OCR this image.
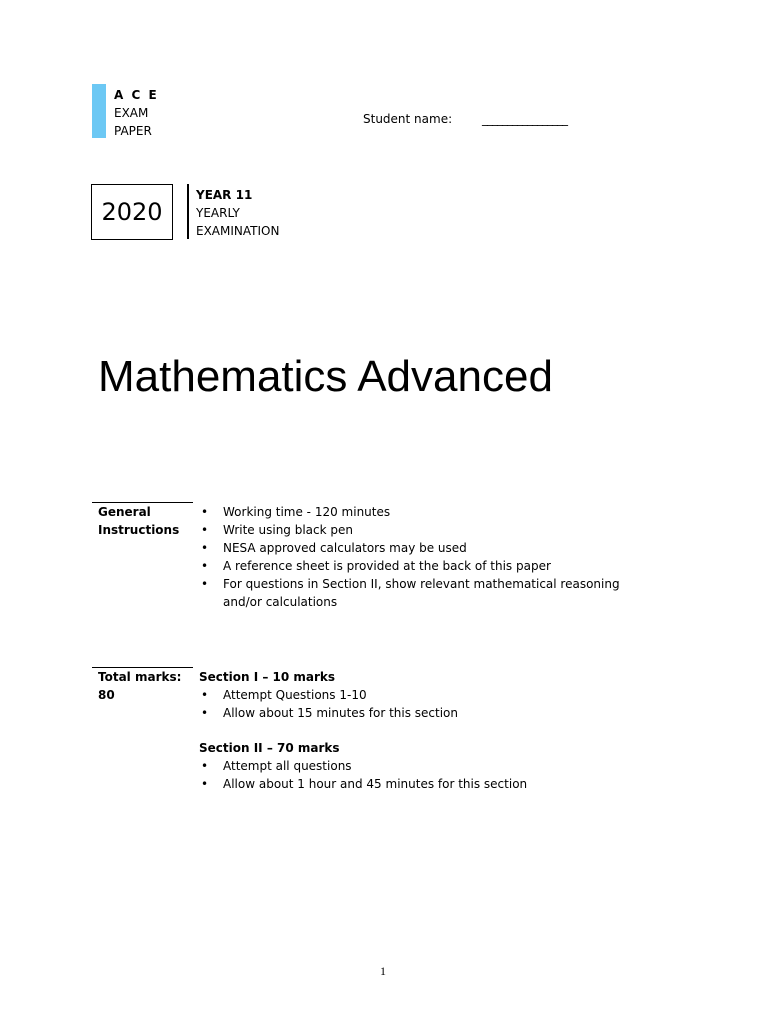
A C E
EXAM
PAPER
Student name: _________________
2020
YEAR 11
YEARLY
EXAMINATION
Mathematics Advanced
General
Instructions
• Working time - 120 minutes
• Write using black pen
• NESA approved calculators may be used
• A reference sheet is provided at the back of this paper
• For questions in Section II, show relevant mathematical reasoning and/or calculations
Total marks:
80
Section I – 10 marks
• Attempt Questions 1-10
• Allow about 15 minutes for this section
Section II – 70 marks
• Attempt all questions
• Allow about 1 hour and 45 minutes for this section
1
